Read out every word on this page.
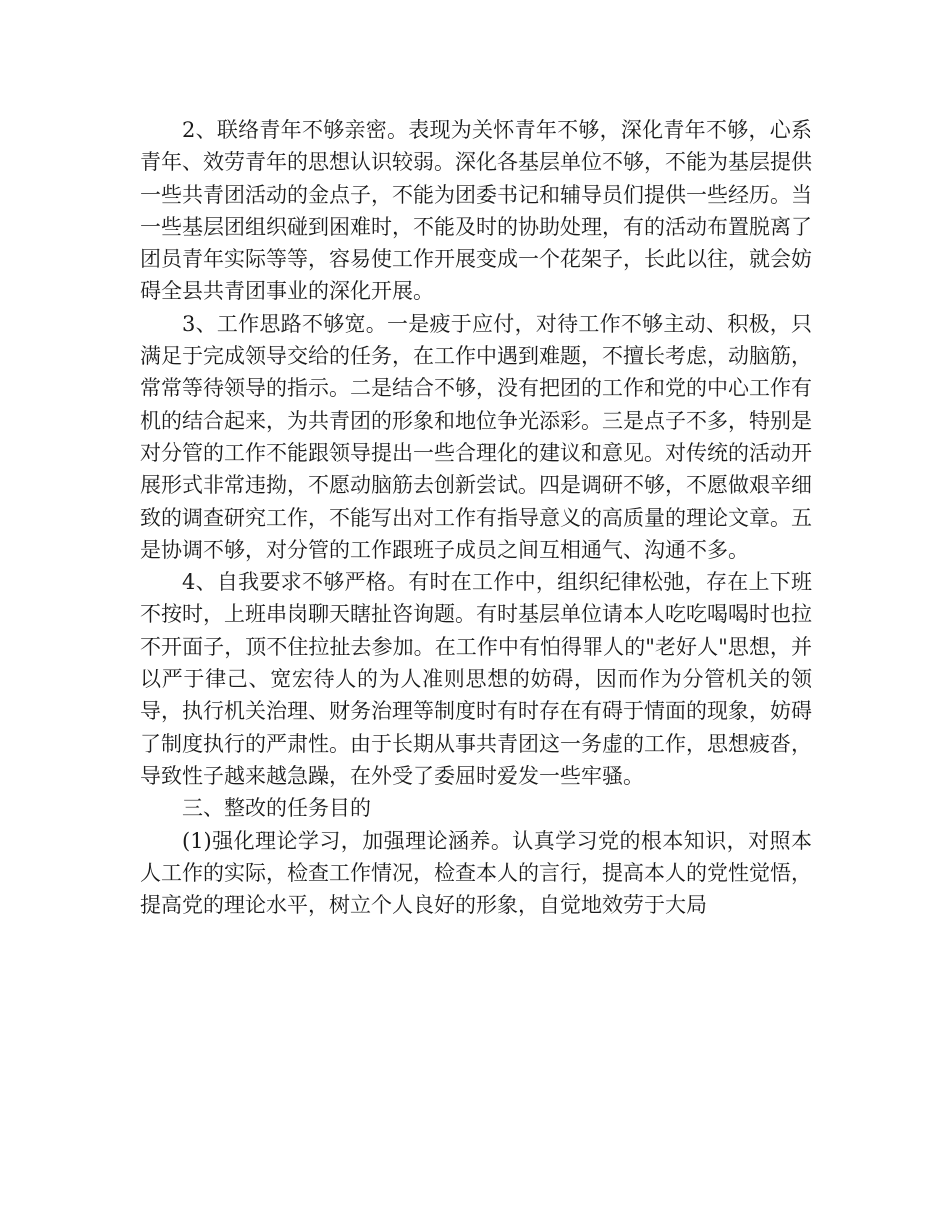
2、联络青年不够亲密。表现为关怀青年不够，深化青年不够，心系青年、效劳青年的思想认识较弱。深化各基层单位不够，不能为基层提供一些共青团活动的金点子，不能为团委书记和辅导员们提供一些经历。当一些基层团组织碰到困难时，不能及时的协助处理，有的活动布置脱离了团员青年实际等等，容易使工作开展变成一个花架子，长此以往，就会妨碍全县共青团事业的深化开展。

3、工作思路不够宽。一是疲于应付，对待工作不够主动、积极，只满足于完成领导交给的任务，在工作中遇到难题，不擅长考虑，动脑筋，常常等待领导的指示。二是结合不够，没有把团的工作和党的中心工作有机的结合起来，为共青团的形象和地位争光添彩。三是点子不多，特别是对分管的工作不能跟领导提出一些合理化的建议和意见。对传统的活动开展形式非常违拗，不愿动脑筋去创新尝试。四是调研不够，不愿做艰辛细致的调查研究工作，不能写出对工作有指导意义的高质量的理论文章。五是协调不够，对分管的工作跟班子成员之间互相通气、沟通不多。

4、自我要求不够严格。有时在工作中，组织纪律松弛，存在上下班不按时，上班串岗聊天瞎扯咨询题。有时基层单位请本人吃吃喝喝时也拉不开面子，顶不住拉扯去参加。在工作中有怕得罪人的"老好人"思想，并以严于律己、宽宏待人的为人准则思想的妨碍，因而作为分管机关的领导，执行机关治理、财务治理等制度时有时存在有碍于情面的现象，妨碍了制度执行的严肃性。由于长期从事共青团这一务虚的工作，思想疲沓，导致性子越来越急躁，在外受了委屈时爱发一些牢骚。

三、整改的任务目的

(1)强化理论学习，加强理论涵养。认真学习党的根本知识，对照本人工作的实际，检查工作情况，检查本人的言行，提高本人的党性觉悟，提高党的理论水平，树立个人良好的形象，自觉地效劳于大局
